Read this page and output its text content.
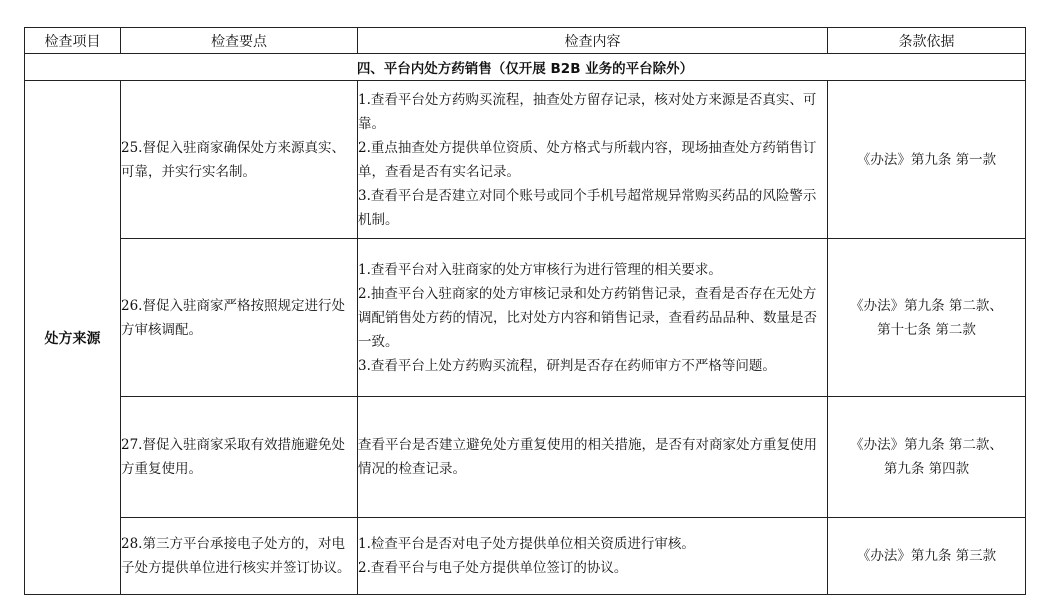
检查项目	检查要点	检查内容	条款依据
四、平台内处方药销售（仅开展 B2B 业务的平台除外）			
处方来源	25.督促入驻商家确保处方来源真实、可靠，并实行实名制。	1.查看平台处方药购买流程，抽查处方留存记录，核对处方来源是否真实、可靠。
2.重点抽查处方提供单位资质、处方格式与所载内容，现场抽查处方药销售订单，查看是否有实名记录。
3.查看平台是否建立对同个账号或同个手机号超常规异常购买药品的风险警示机制。	《办法》第九条 第一款

	26.督促入驻商家严格按照规定进行处方审核调配。	1.查看平台对入驻商家的处方审核行为进行管理的相关要求。
2.抽查平台入驻商家的处方审核记录和处方药销售记录，查看是否存在无处方调配销售处方药的情况，比对处方内容和销售记录，查看药品品种、数量是否一致。
3.查看平台上处方药购买流程，研判是否存在药师审方不严格等问题。	《办法》第九条 第二款、
第十七条 第二款

	27.督促入驻商家采取有效措施避免处方重复使用。	查看平台是否建立避免处方重复使用的相关措施，是否有对商家处方重复使用情况的检查记录。	《办法》第九条 第二款、
第九条 第四款

	28.第三方平台承接电子处方的，对电子处方提供单位进行核实并签订协议。	1.检查平台是否对电子处方提供单位相关资质进行审核。
2.查看平台与电子处方提供单位签订的协议。	《办法》第九条 第三款
